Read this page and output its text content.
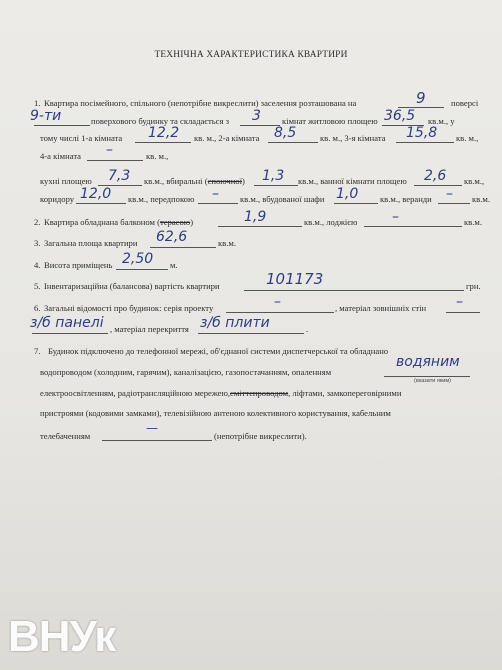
ТЕХНІЧНА ХАРАКТЕРИСТИКА КВАРТИРИ
1. Квартира посімейного, спільного (непотрібне викреслити) заселення розташована на	9	поверсі
9-ти	поверхового будинку та складається з 3 кімнат житловою площею 36,5 кв.м., у
тому числі 1-а кімната 12,2 кв. м., 2-а кімната 8,5	кв. м., 3-я кімната 15,8 кв. м.,
4-а кімната –	кв. м.,
кухні площею 7,3 кв.м., вбиральні (споючної) 1,3 кв.м., ванної кімнати площею 2,6 кв.м.,
коридору 12,0 кв.м., передпокою – кв.м., вбудованої шафи 1,0	кв.м., веранди – кв.м.
2. Квартира обладнана балконом (терасою)	1,9	кв.м., лоджією –	кв.м.
3. Загальна площа квартири 62,6	кв.м.
4. Висота приміщень 2,50 м.
5. Інвентаризаційна (балансова) вартість квартири	101173	грн.
6. Загальні відомості про будинок: серія проекту	–	, матеріал зовнішніх стін –
з/б панелі , матеріал перекриття з/б плити	.
7. Будинок підключено до телефонної мережі, об'єднаної системи диспетчерської та обладнано
водопроводом (холодним, гарячим), каналізацією, газопостачанням, опаленням
водяним
(вказати яким)
електроосвітленням, радіотрансляційною мережею,сміттєпроводом, ліфтами, замкопереговірними
пристроями (кодовими замками), телевізійною антеною колективного користування, кабельним
телебаченням
—
(непотрібне викреслити).
ВНУк
